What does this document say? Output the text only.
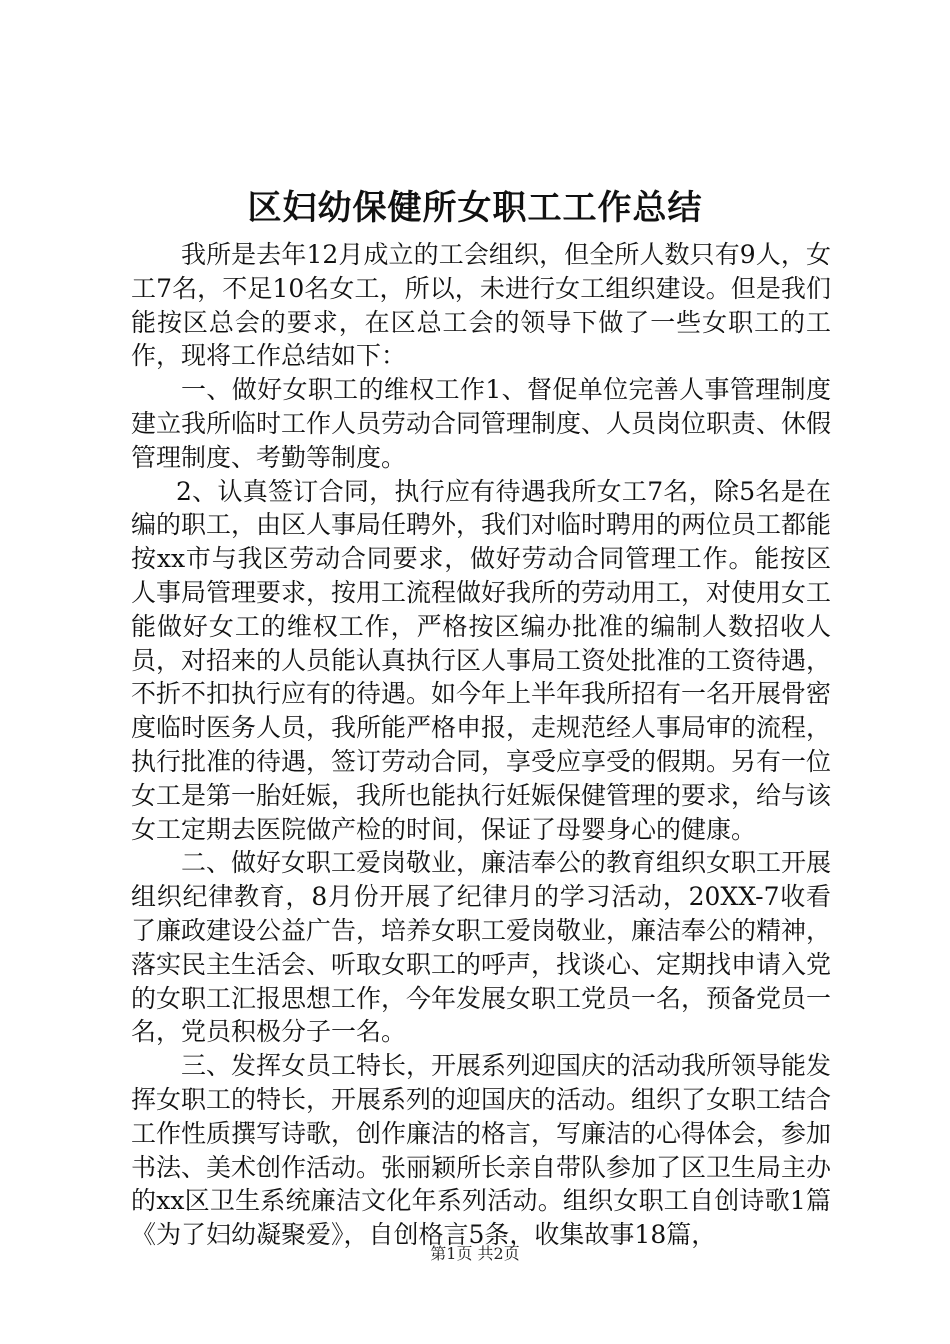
区妇幼保健所女职工工作总结

我所是去年12月成立的工会组织，但全所人数只有9人，女工7名，不足10名女工，所以，未进行女工组织建设。但是我们能按区总会的要求，在区总工会的领导下做了一些女职工的工作，现将工作总结如下：

一、做好女职工的维权工作1、督促单位完善人事管理制度建立我所临时工作人员劳动合同管理制度、人员岗位职责、休假管理制度、考勤等制度。

2、认真签订合同，执行应有待遇我所女工7名，除5名是在编的职工，由区人事局任聘外，我们对临时聘用的两位员工都能按xx市与我区劳动合同要求，做好劳动合同管理工作。能按区人事局管理要求，按用工流程做好我所的劳动用工，对使用女工能做好女工的维权工作，严格按区编办批准的编制人数招收人员，对招来的人员能认真执行区人事局工资处批准的工资待遇，不折不扣执行应有的待遇。如今年上半年我所招有一名开展骨密度临时医务人员，我所能严格申报，走规范经人事局审的流程，执行批准的待遇，签订劳动合同，享受应享受的假期。另有一位女工是第一胎妊娠，我所也能执行妊娠保健管理的要求，给与该女工定期去医院做产检的时间，保证了母婴身心的健康。

二、做好女职工爱岗敬业，廉洁奉公的教育组织女职工开展组织纪律教育，8月份开展了纪律月的学习活动，20XX-7收看了廉政建设公益广告，培养女职工爱岗敬业，廉洁奉公的精神，落实民主生活会、听取女职工的呼声，找谈心、定期找申请入党的女职工汇报思想工作，今年发展女职工党员一名，预备党员一名，党员积极分子一名。

三、发挥女员工特长，开展系列迎国庆的活动我所领导能发挥女职工的特长，开展系列的迎国庆的活动。组织了女职工结合工作性质撰写诗歌，创作廉洁的格言，写廉洁的心得体会，参加书法、美术创作活动。张丽颖所长亲自带队参加了区卫生局主办的xx区卫生系统廉洁文化年系列活动。组织女职工自创诗歌1篇《为了妇幼凝聚爱》，自创格言5条，收集故事18篇，

第1页 共2页
